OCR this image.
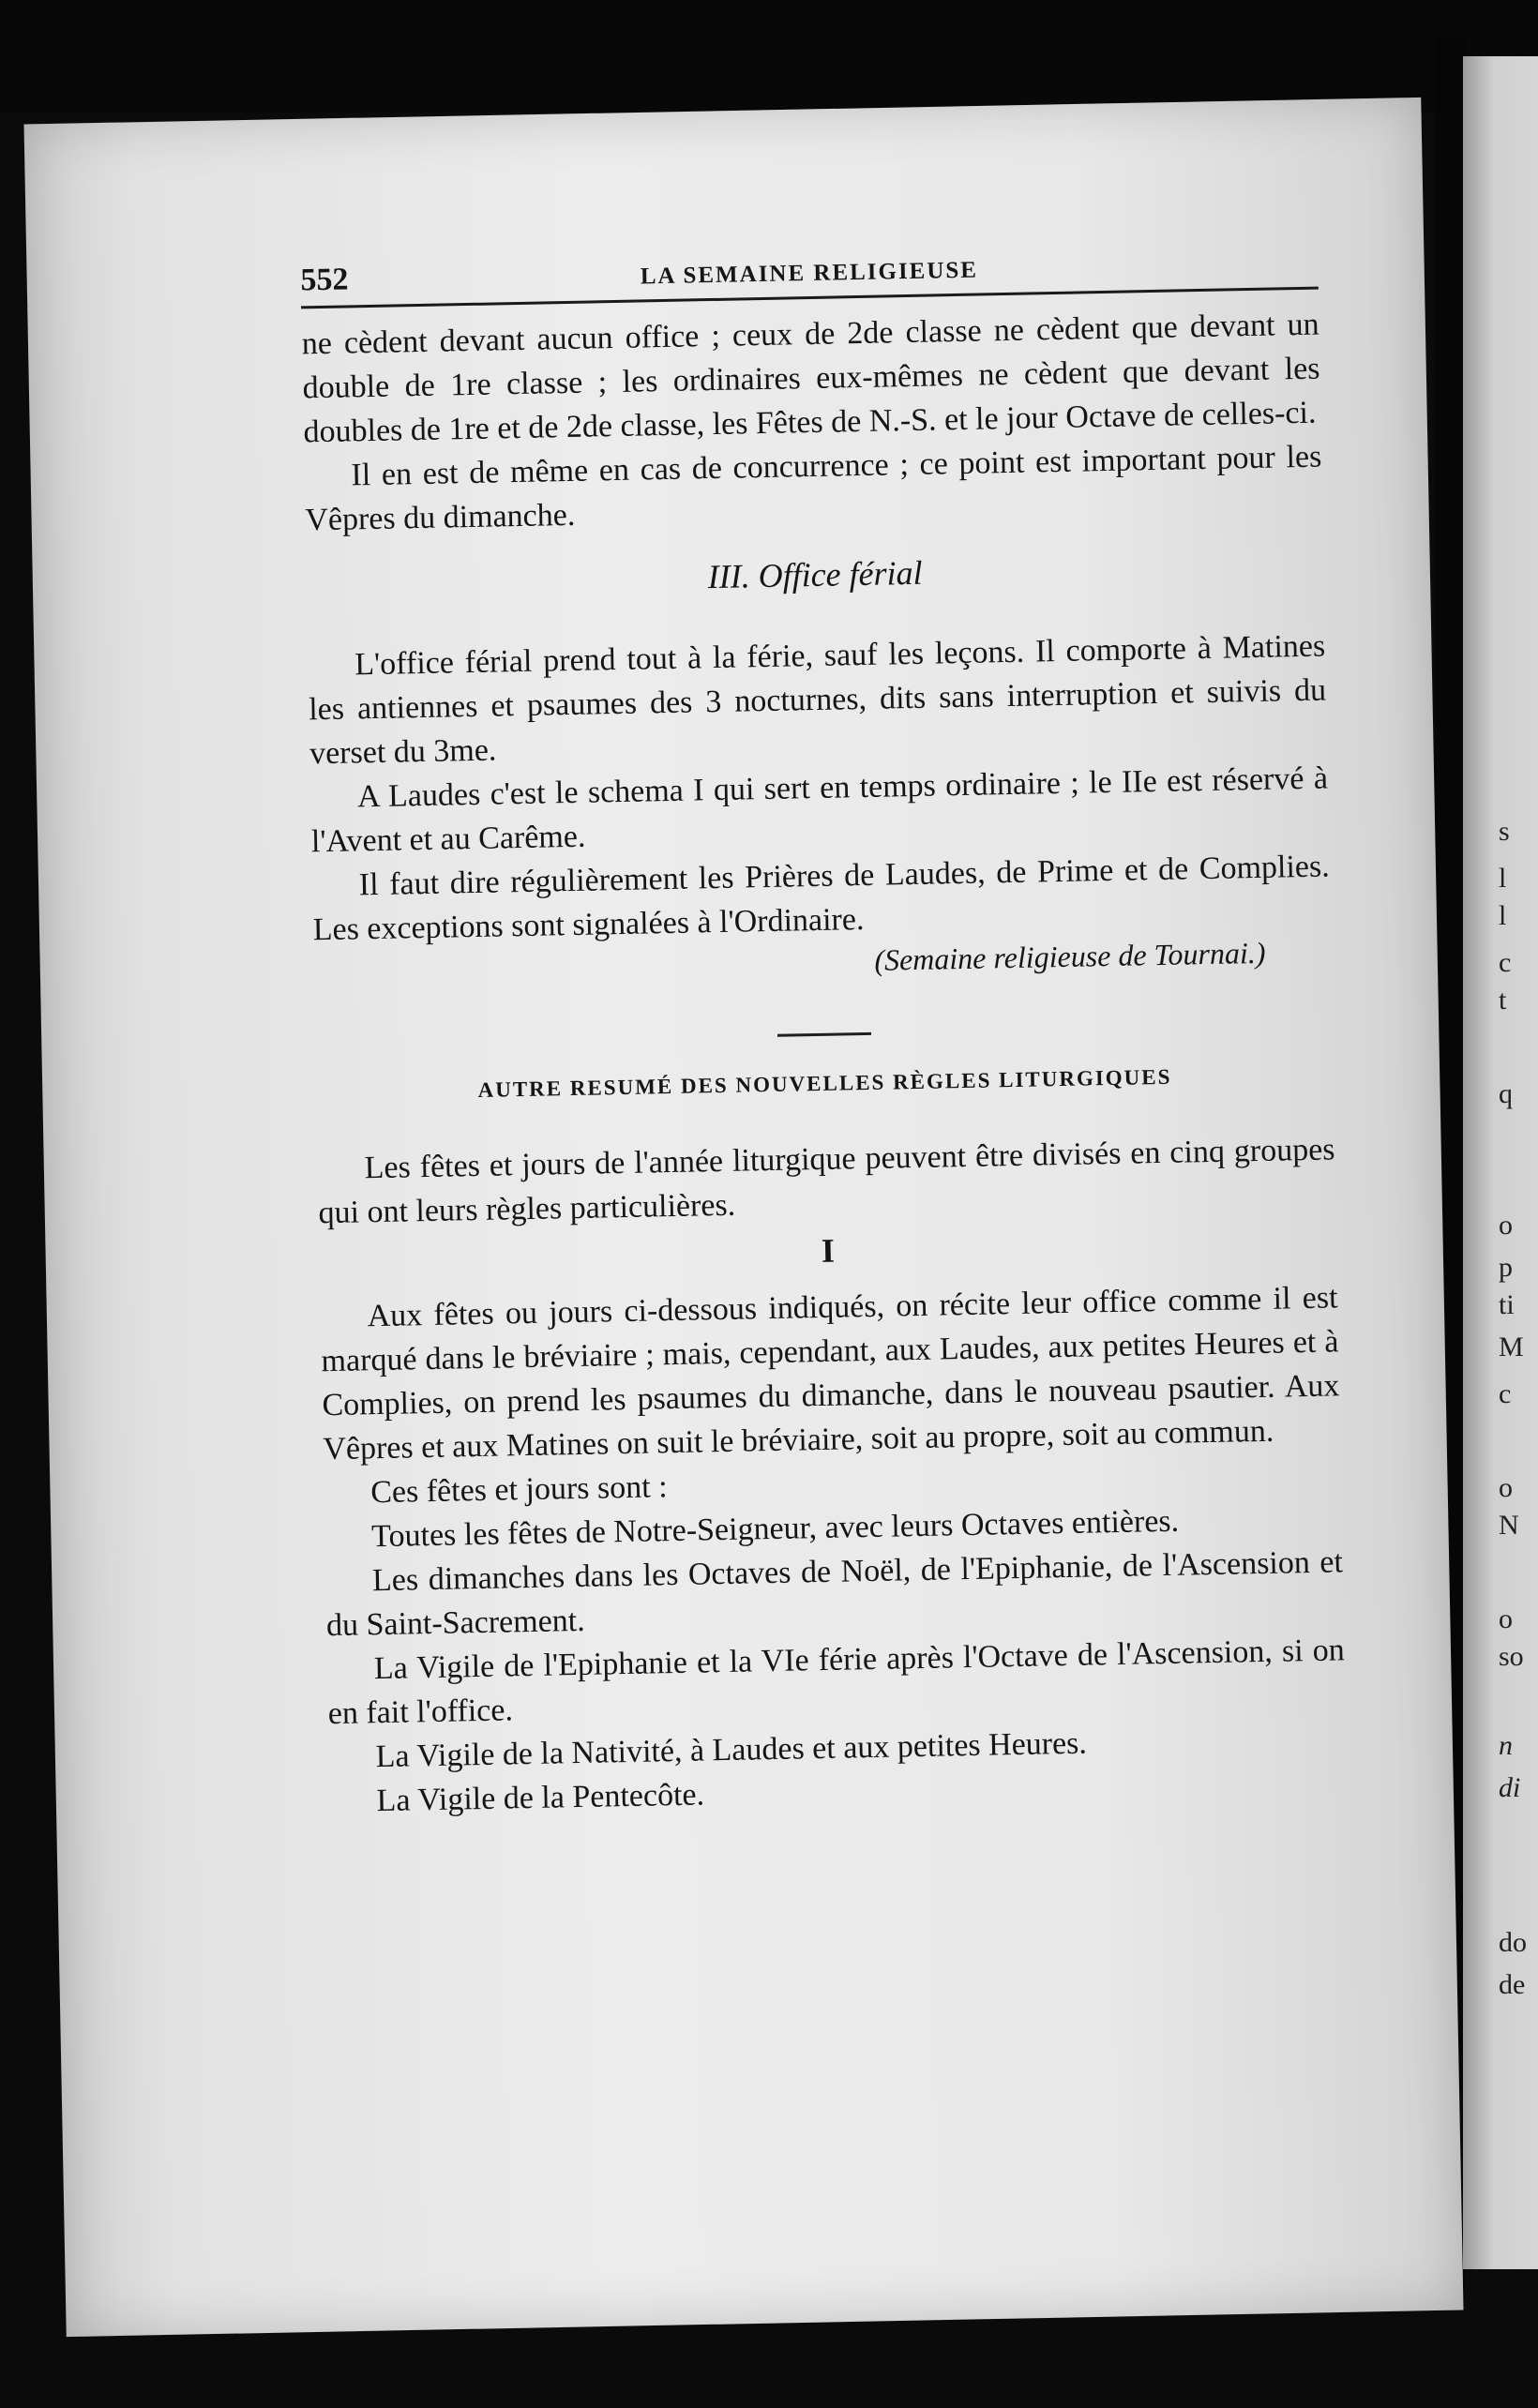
s
l
l
c
t
q
o
p
ti
M
c
o
N
o
so
n
di
do
de
552	LA SEMAINE RELIGIEUSE

ne cèdent devant aucun office ; ceux de 2de classe ne cèdent que devant un double de 1re classe ; les ordinaires eux-mêmes ne cèdent que devant les doubles de 1re et de 2de classe, les Fêtes de N.-S. et le jour Octave de celles-ci.

Il en est de même en cas de concurrence ; ce point est important pour les Vêpres du dimanche.

III. Office férial

L'office férial prend tout à la férie, sauf les leçons. Il comporte à Matines les antiennes et psaumes des 3 nocturnes, dits sans interruption et suivis du verset du 3me.

A Laudes c'est le schema I qui sert en temps ordinaire ; le IIe est réservé à l'Avent et au Carême.

Il faut dire régulièrement les Prières de Laudes, de Prime et de Complies. Les exceptions sont signalées à l'Ordinaire.

(Semaine religieuse de Tournai.)
AUTRE RESUMÉ DES NOUVELLES RÈGLES LITURGIQUES

Les fêtes et jours de l'année liturgique peuvent être divisés en cinq groupes qui ont leurs règles particulières.

I

Aux fêtes ou jours ci-dessous indiqués, on récite leur office comme il est marqué dans le bréviaire ; mais, cependant, aux Laudes, aux petites Heures et à Complies, on prend les psaumes du dimanche, dans le nouveau psautier. Aux Vêpres et aux Matines on suit le bréviaire, soit au propre, soit au commun.

Ces fêtes et jours sont :

Toutes les fêtes de Notre-Seigneur, avec leurs Octaves entières.

Les dimanches dans les Octaves de Noël, de l'Epiphanie, de l'Ascension et du Saint-Sacrement.

La Vigile de l'Epiphanie et la VIe férie après l'Octave de l'Ascension, si on en fait l'office.

La Vigile de la Nativité, à Laudes et aux petites Heures.

La Vigile de la Pentecôte.
